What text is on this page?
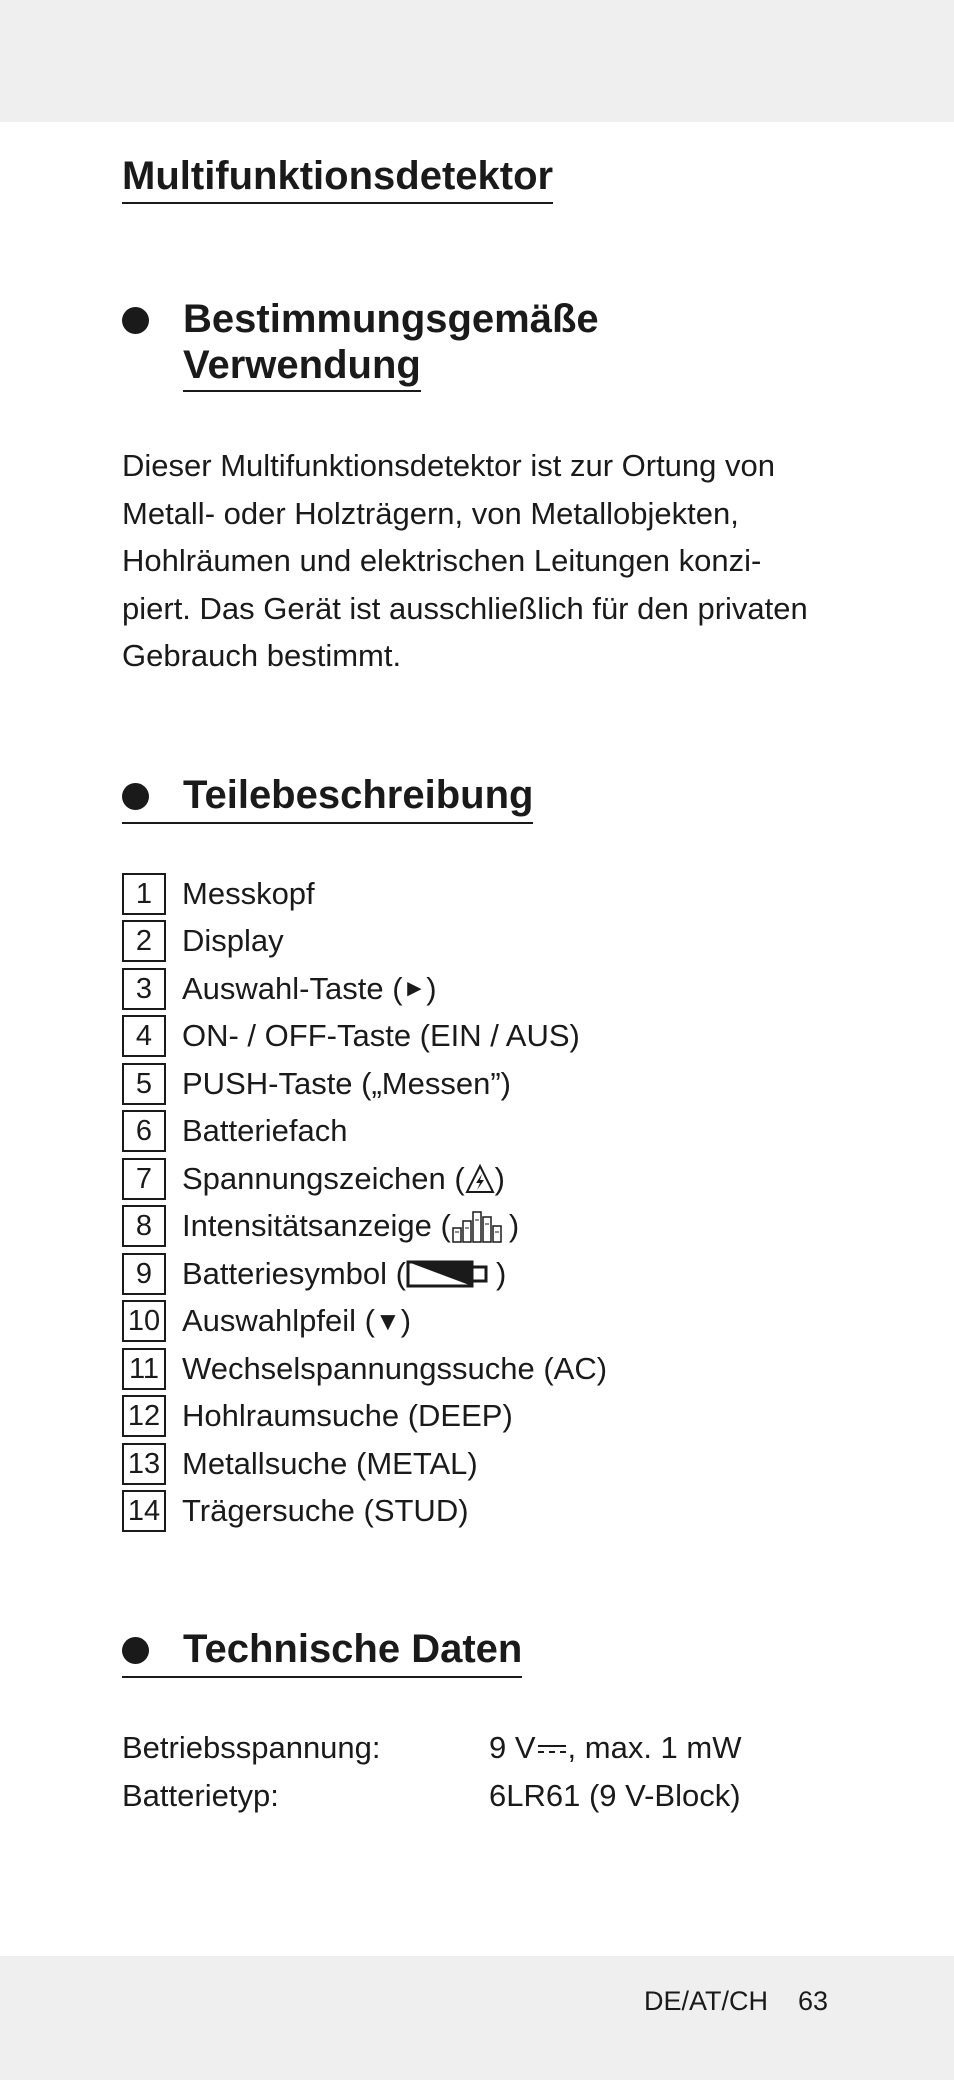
Multifunktionsdetektor
Bestimmungsgemäße
Verwendung

Dieser Multifunktionsdetektor ist zur Ortung von
Metall- oder Holzträgern, von Metallobjekten,
Hohlräumen und elektrischen Leitungen konzi-
piert. Das Gerät ist ausschließlich für den privaten
Gebrauch bestimmt.

Teilebeschreibung
1 Messkopf
2 Display
3 Auswahl-Taste ( ► )
4 ON- / OFF-Taste (EIN / AUS)
5 PUSH-Taste („Messen”)
6 Batteriefach
7 Spannungszeichen ( )
8 Intensitätsanzeige ( )
9 Batteriesymbol (	)
10 Auswahlpfeil ( ▼ )
11 Wechselspannungssuche (AC)
12 Hohlraumsuche (DEEP)
13 Metallsuche (METAL)
14 Trägersuche (STUD)
Technische Daten
Betriebsspannung:	9 V , max. 1 mW
Batterietyp:	6LR61 (9 V-Block)
DE/AT/CH 63
